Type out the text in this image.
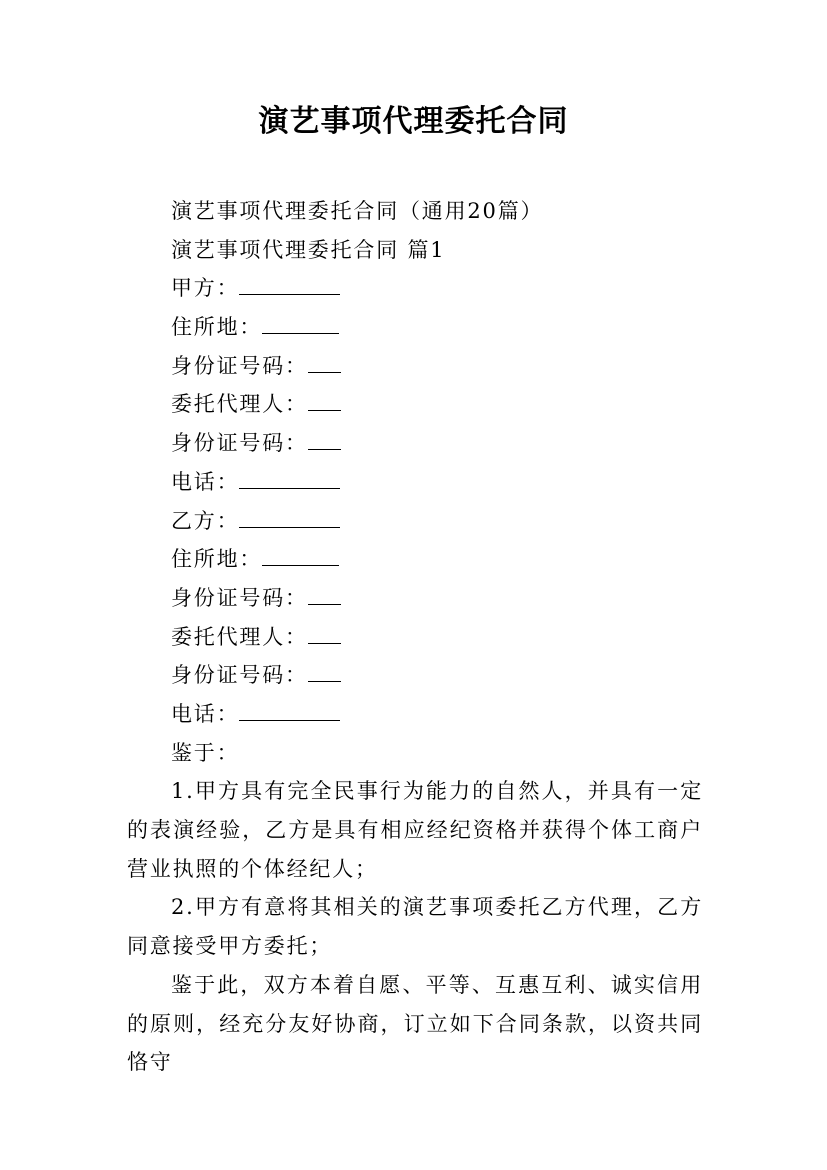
演艺事项代理委托合同

演艺事项代理委托合同（通用20篇）

演艺事项代理委托合同 篇1

甲方：

住所地：

身份证号码：

委托代理人：

身份证号码：

电话：

乙方：

住所地：

身份证号码：

委托代理人：

身份证号码：

电话：

鉴于：

1.甲方具有完全民事行为能力的自然人，并具有一定的表演经验，乙方是具有相应经纪资格并获得个体工商户营业执照的个体经纪人；

2.甲方有意将其相关的演艺事项委托乙方代理，乙方同意接受甲方委托；

鉴于此，双方本着自愿、平等、互惠互利、诚实信用的原则，经充分友好协商，订立如下合同条款，以资共同恪守
